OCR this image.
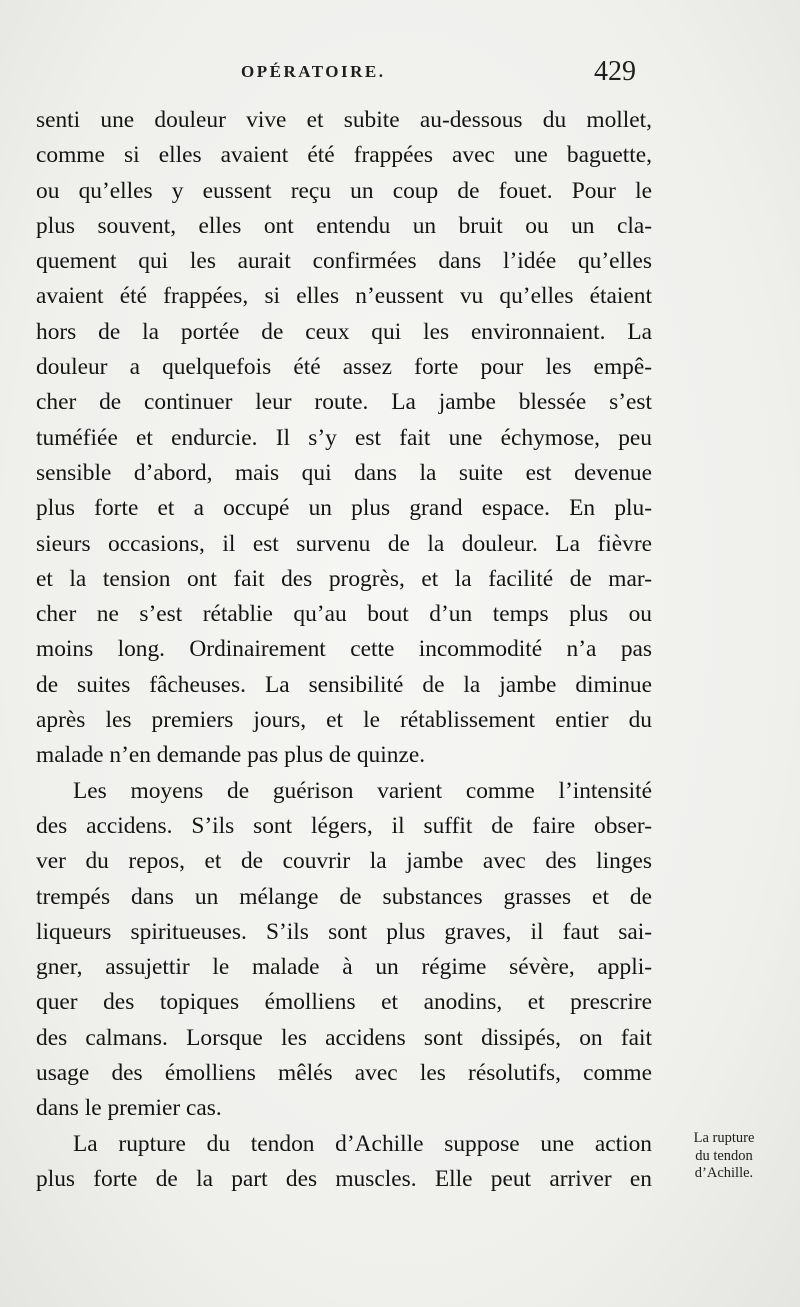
OPÉRATOIRE.	429
senti une douleur vive et subite au-dessous du mollet,
comme si elles avaient été frappées avec une baguette,
ou qu’elles y eussent reçu un coup de fouet. Pour le
plus souvent, elles ont entendu un bruit ou un cla-
quement qui les aurait confirmées dans l’idée qu’elles
avaient été frappées, si elles n’eussent vu qu’elles étaient
hors de la portée de ceux qui les environnaient. La
douleur a quelquefois été assez forte pour les empê-
cher de continuer leur route. La jambe blessée s’est
tuméfiée et endurcie. Il s’y est fait une échymose, peu
sensible d’abord, mais qui dans la suite est devenue
plus forte et a occupé un plus grand espace. En plu-
sieurs occasions, il est survenu de la douleur. La fièvre
et la tension ont fait des progrès, et la facilité de mar-
cher ne s’est rétablie qu’au bout d’un temps plus ou
moins long. Ordinairement cette incommodité n’a pas
de suites fâcheuses. La sensibilité de la jambe diminue
après les premiers jours, et le rétablissement entier du
malade n’en demande pas plus de quinze.
Les moyens de guérison varient comme l’intensité
des accidens. S’ils sont légers, il suffit de faire obser-
ver du repos, et de couvrir la jambe avec des linges
trempés dans un mélange de substances grasses et de
liqueurs spiritueuses. S’ils sont plus graves, il faut sai-
gner, assujettir le malade à un régime sévère, appli-
quer des topiques émolliens et anodins, et prescrire
des calmans. Lorsque les accidens sont dissipés, on fait
usage des émolliens mêlés avec les résolutifs, comme
dans le premier cas.
La rupture du tendon d’Achille suppose une action
plus forte de la part des muscles. Elle peut arriver en
La rupture
du tendon
d’Achille.
